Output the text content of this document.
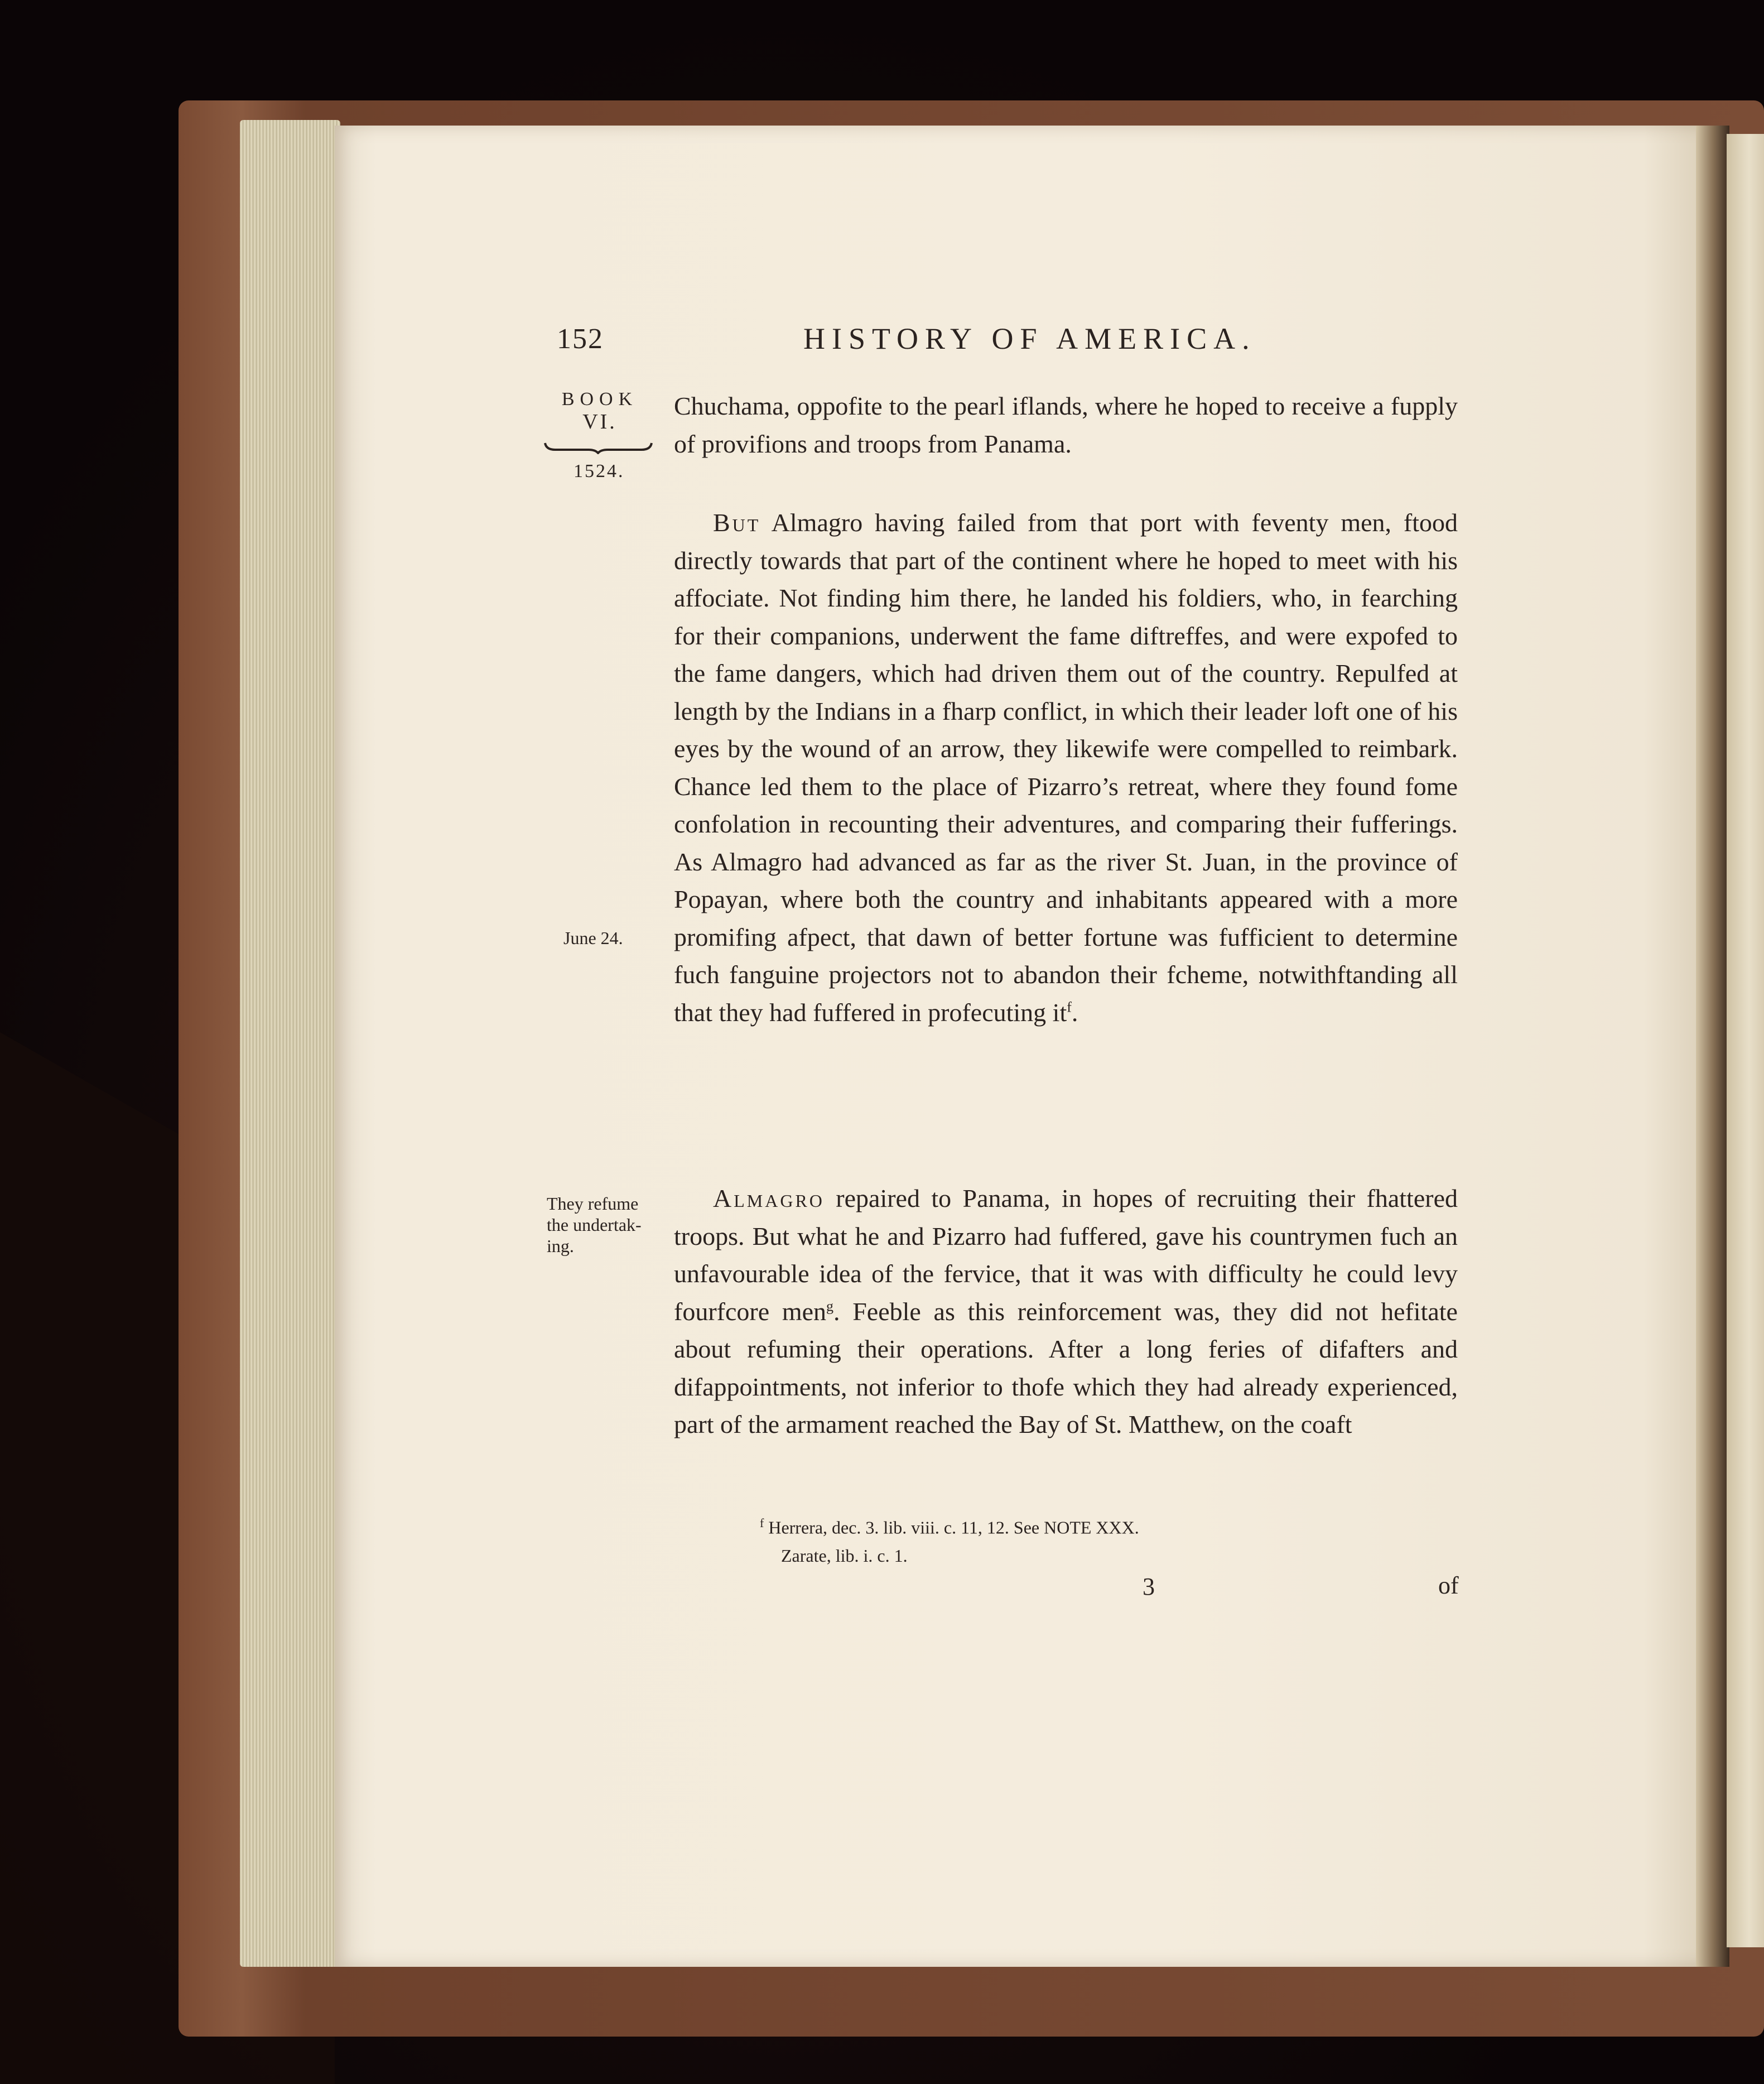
152	HISTORY OF AMERICA.
BOOK
VI.
1524.
June 24.
They refume
the undertak-
ing.

Chuchama, oppofite to the pearl iflands, where he hoped to receive a fupply of provifions and troops from Panama.

But Almagro having failed from that port with feventy men, ftood directly towards that part of the continent where he hoped to meet with his affociate. Not finding him there, he landed his foldiers, who, in fearching for their companions, underwent the fame diftreffes, and were expofed to the fame dangers, which had driven them out of the country. Repulfed at length by the Indians in a fharp conflict, in which their leader loft one of his eyes by the wound of an arrow, they likewife were compelled to reimbark. Chance led them to the place of Pizarro’s retreat, where they found fome confolation in recounting their adventures, and comparing their fufferings. As Almagro had advanced as far as the river St. Juan, in the province of Popayan, where both the country and inhabitants appeared with a more promifing afpect, that dawn of better fortune was fufficient to determine fuch fanguine projectors not to abandon their fcheme, notwithftanding all that they had fuffered in profecuting $it^f$.

Almagro repaired to Panama, in hopes of recruiting their fhattered troops. But what he and Pizarro had fuffered, gave his countrymen fuch an unfavourable idea of the fervice, that it was with difficulty he could levy fourfcore men$^g$. Feeble as this reinforcement was, they did not hefitate about refuming their operations. After a long feries of difafters and difappointments, not inferior to thofe which they had already experienced, part of the armament reached the Bay of St. Matthew, on the coaft

$^f$ Herrera, dec. 3. lib. viii. c. 11, 12. See NOTE XXX.
Zarate, lib. i. c. 1.
3	of
